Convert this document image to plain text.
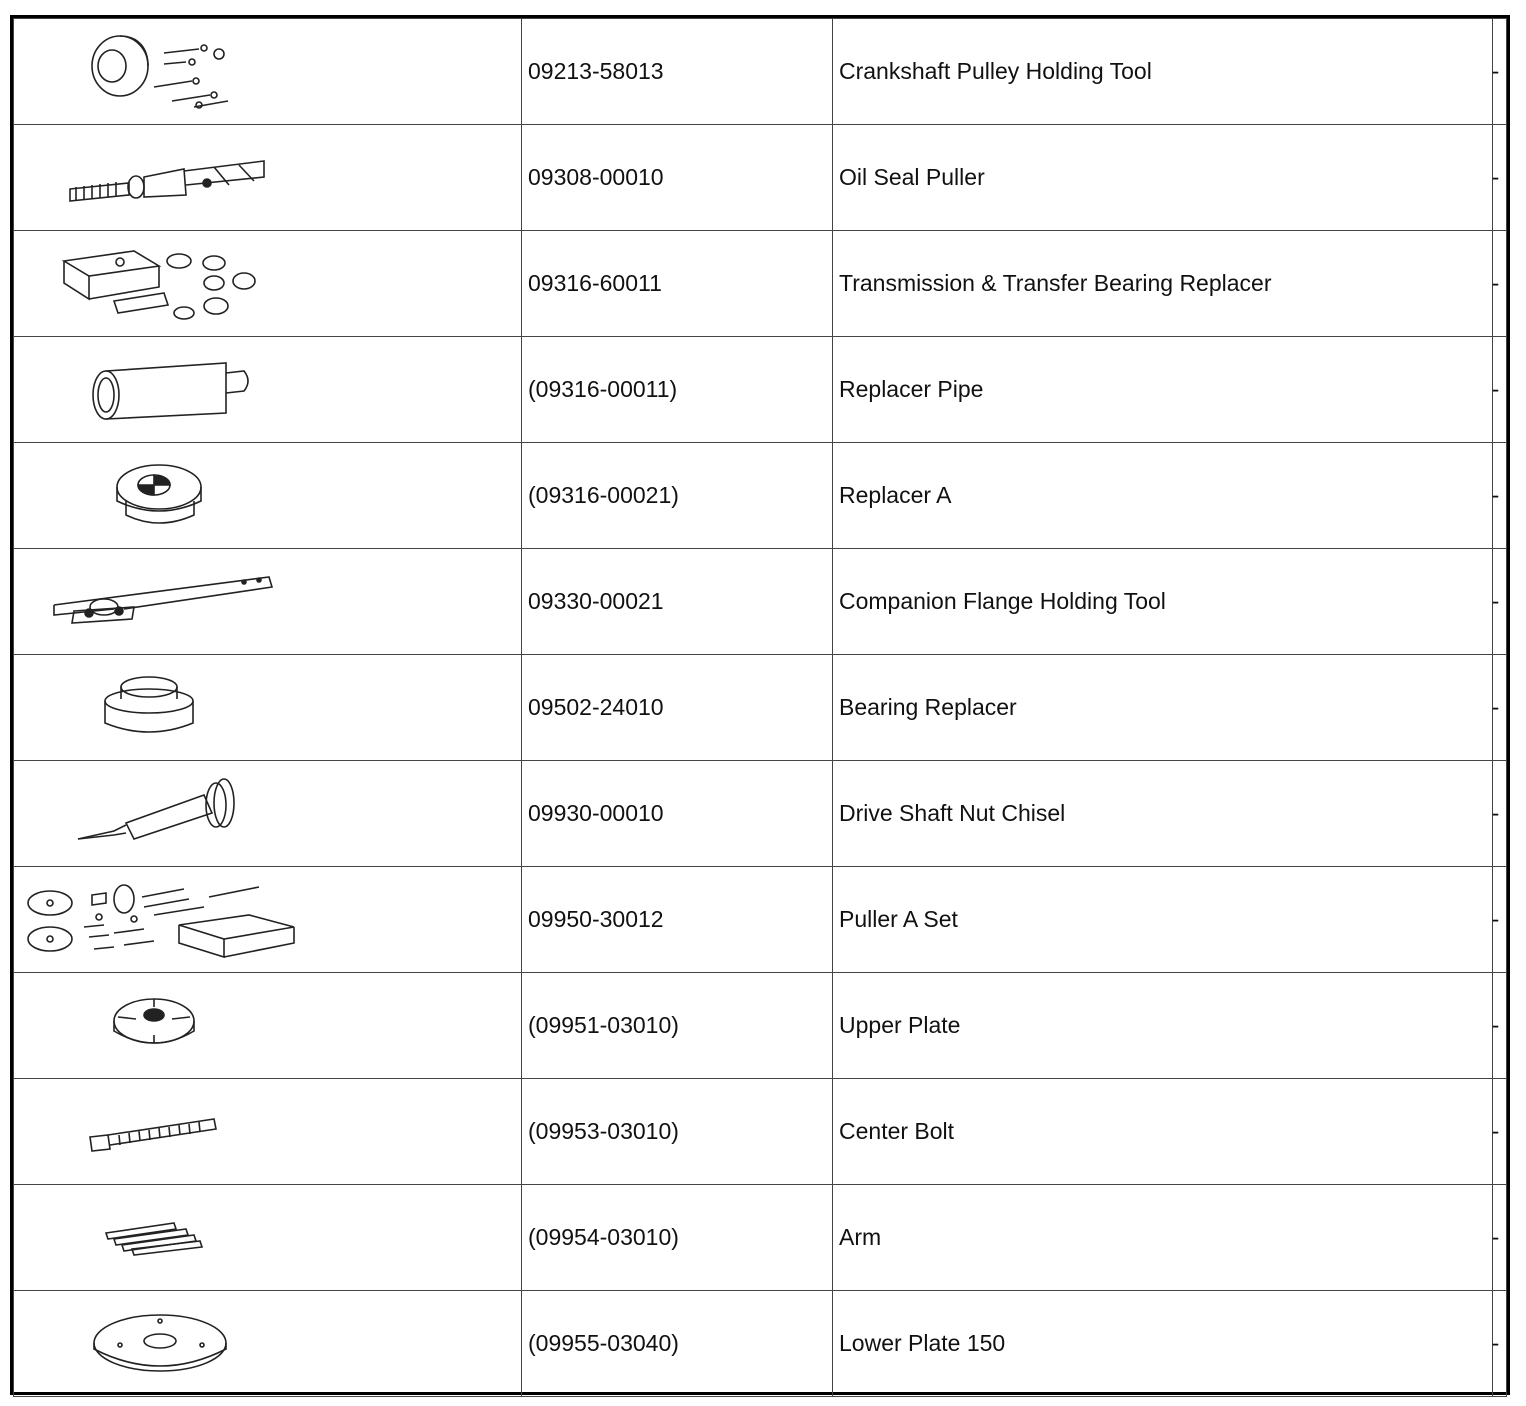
	09213-58013	Crankshaft Pulley Holding Tool	-

	09308-00010	Oil Seal Puller	-

	09316-60011	Transmission & Transfer Bearing Replacer	-

	(09316-00011)	Replacer Pipe	-

	(09316-00021)	Replacer A	-

	09330-00021	Companion Flange Holding Tool	-

	09502-24010	Bearing Replacer	-

	09930-00010	Drive Shaft Nut Chisel	-

	09950-30012	Puller A Set	-

	(09951-03010)	Upper Plate	-

	(09953-03010)	Center Bolt	-

	(09954-03010)	Arm	-

	(09955-03040)	Lower Plate 150	-
